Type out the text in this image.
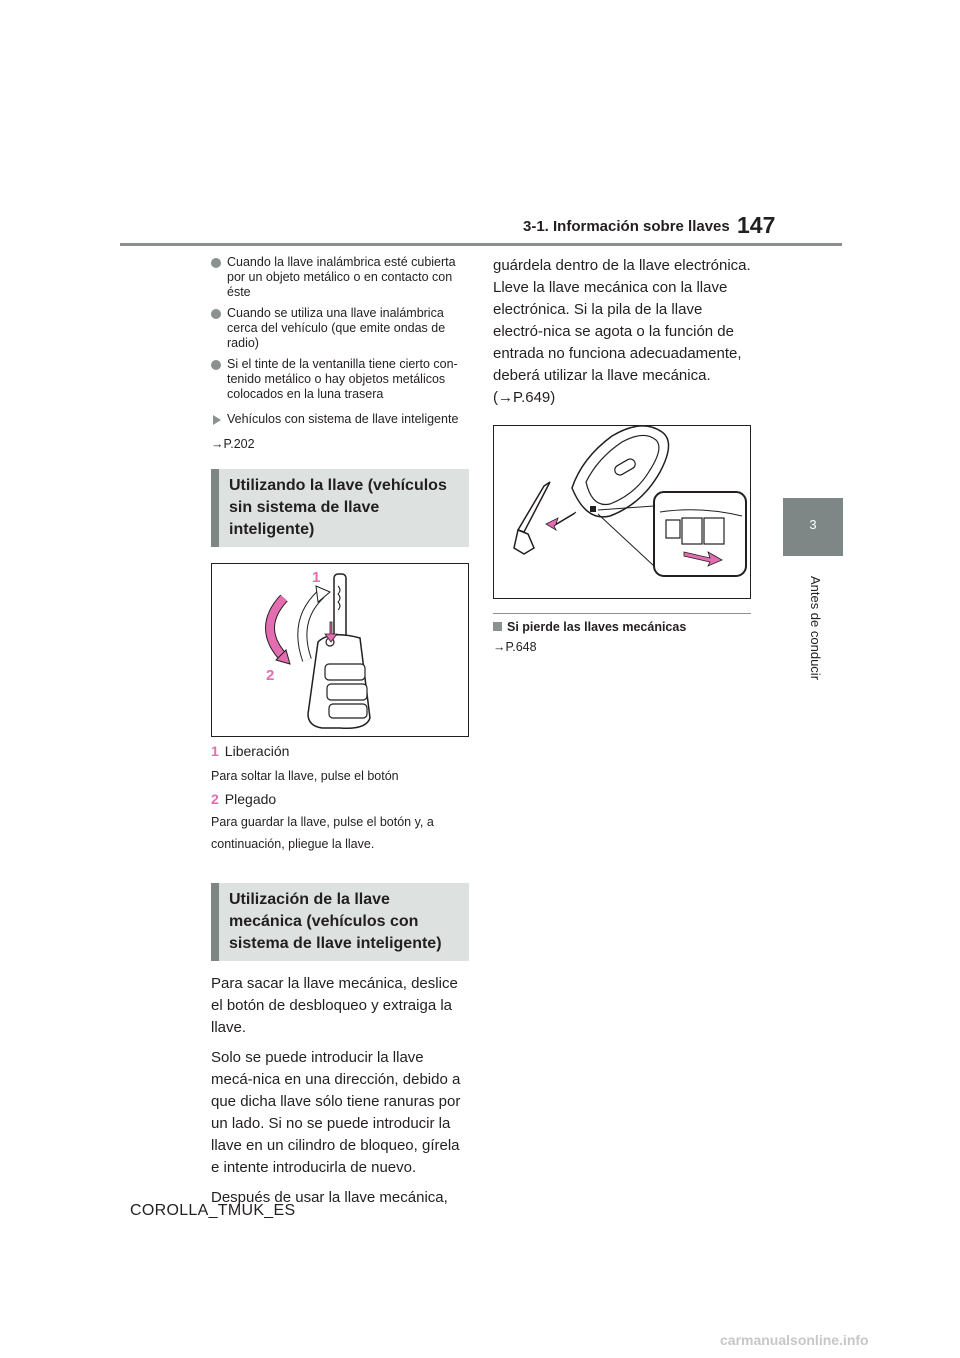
3-1. Información sobre llaves 147
3
Antes de conducir
Cuando la llave inalámbrica esté cubierta por un objeto metálico o en contacto con éste
Cuando se utiliza una llave inalámbrica cerca del vehículo (que emite ondas de radio)
Si el tinte de la ventanilla tiene cierto con-tenido metálico o hay objetos metálicos colocados en la luna trasera
Vehículos con sistema de llave inteligente
→P.202
Utilizando la llave (vehículos sin sistema de llave inteligente)
1
2
1 Liberación
Para soltar la llave, pulse el botón
2 Plegado
Para guardar la llave, pulse el botón y, a continuación, pliegue la llave.
Utilización de la llave mecánica (vehículos con sistema de llave inteligente)
Para sacar la llave mecánica, deslice el botón de desbloqueo y extraiga la llave.
Solo se puede introducir la llave mecá-nica en una dirección, debido a que dicha llave sólo tiene ranuras por un lado. Si no se puede introducir la llave en un cilindro de bloqueo, gírela e intente introducirla de nuevo.
Después de usar la llave mecánica,
guárdela dentro de la llave electrónica. Lleve la llave mecánica con la llave electrónica. Si la pila de la llave electró-nica se agota o la función de entrada no funciona adecuadamente, deberá utilizar la llave mecánica. (→P.649)
Si pierde las llaves mecánicas
→P.648
COROLLA_TMUK_ES
carmanualsonline.info
